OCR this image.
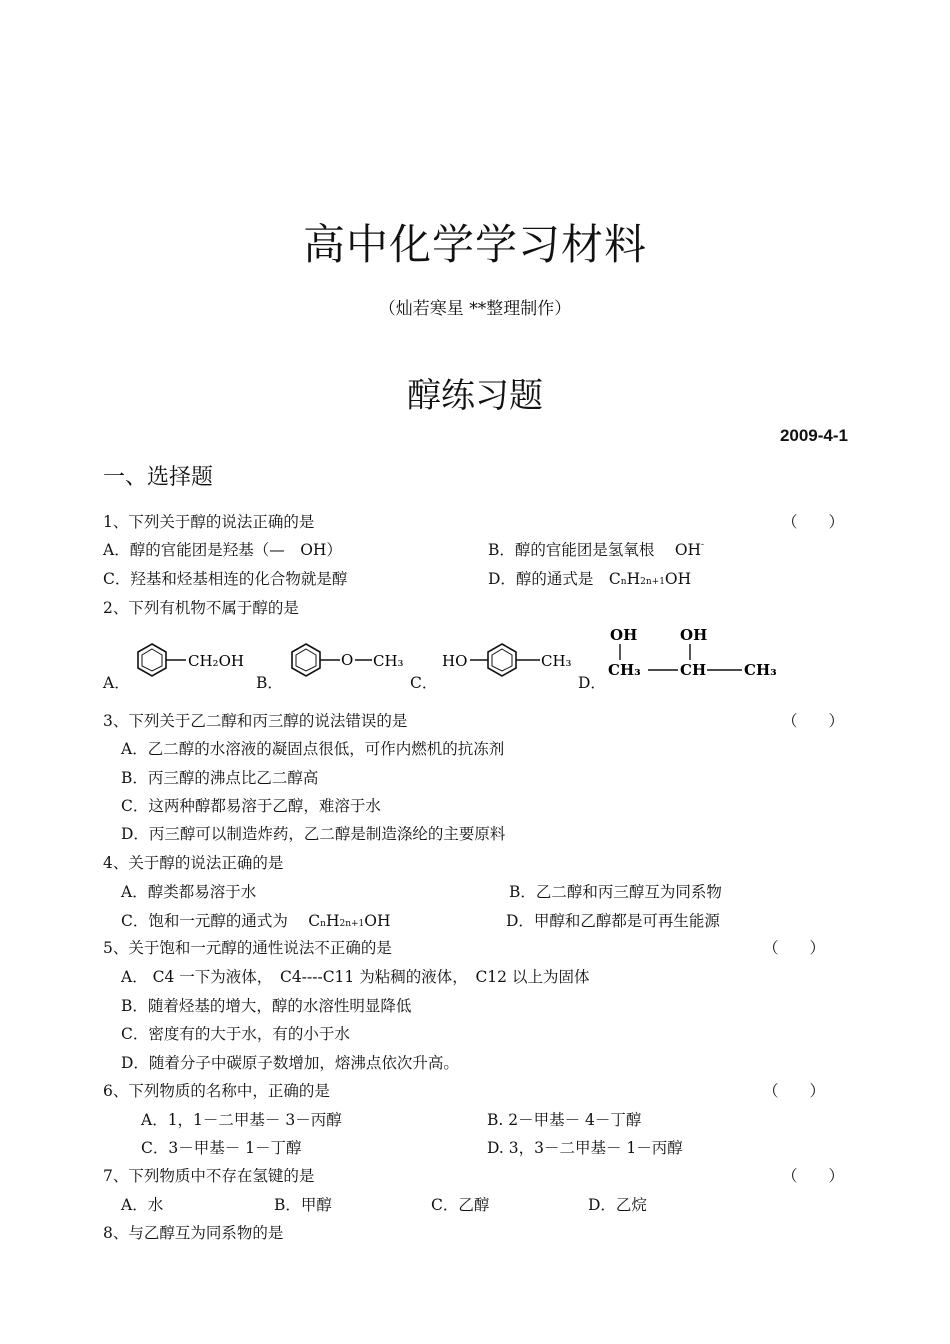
高中化学学习材料
（灿若寒星 **整理制作）
醇练习题
2009-4-1
一、选择题
1、下列关于醇的说法正确的是	（　　）
A．醇的官能团是羟基（—　OH）	B．醇的官能团是氢氧根　 OH-
C．羟基和烃基相连的化合物就是醇	D．醇的通式是　CnH2n+1OH
2、下列有机物不属于醇的是
A．	B．	C．	D．
CH₂OH	O CH₃	HO	CH₃
OH	OH
CH₃	CH	CH₃
3、下列关于乙二醇和丙三醇的说法错误的是	（　　）
A．乙二醇的水溶液的凝固点很低，可作内燃机的抗冻剂
B．丙三醇的沸点比乙二醇高
C．这两种醇都易溶于乙醇，难溶于水
D．丙三醇可以制造炸药，乙二醇是制造涤纶的主要原料
4、关于醇的说法正确的是
A．醇类都易溶于水	B．乙二醇和丙三醇互为同系物
C．饱和一元醇的通式为　 CnH2n+1OH	D．甲醇和乙醇都是可再生能源
5、关于饱和一元醇的通性说法不正确的是	（　　）
A． C4 一下为液体，　C4----C11 为粘稠的液体，　C12 以上为固体
B．随着烃基的增大，醇的水溶性明显降低
C．密度有的大于水，有的小于水
D．随着分子中碳原子数增加，熔沸点依次升高。
6、下列物质的名称中，正确的是	（　　）
A．1，1－二甲基－ 3－丙醇	B. 2－甲基－ 4－丁醇
C．3－甲基－ 1－丁醇	D. 3，3－二甲基－ 1－丙醇
7、下列物质中不存在氢键的是	（　　）
A．水	B．甲醇	C．乙醇	D．乙烷
8、与乙醇互为同系物的是
